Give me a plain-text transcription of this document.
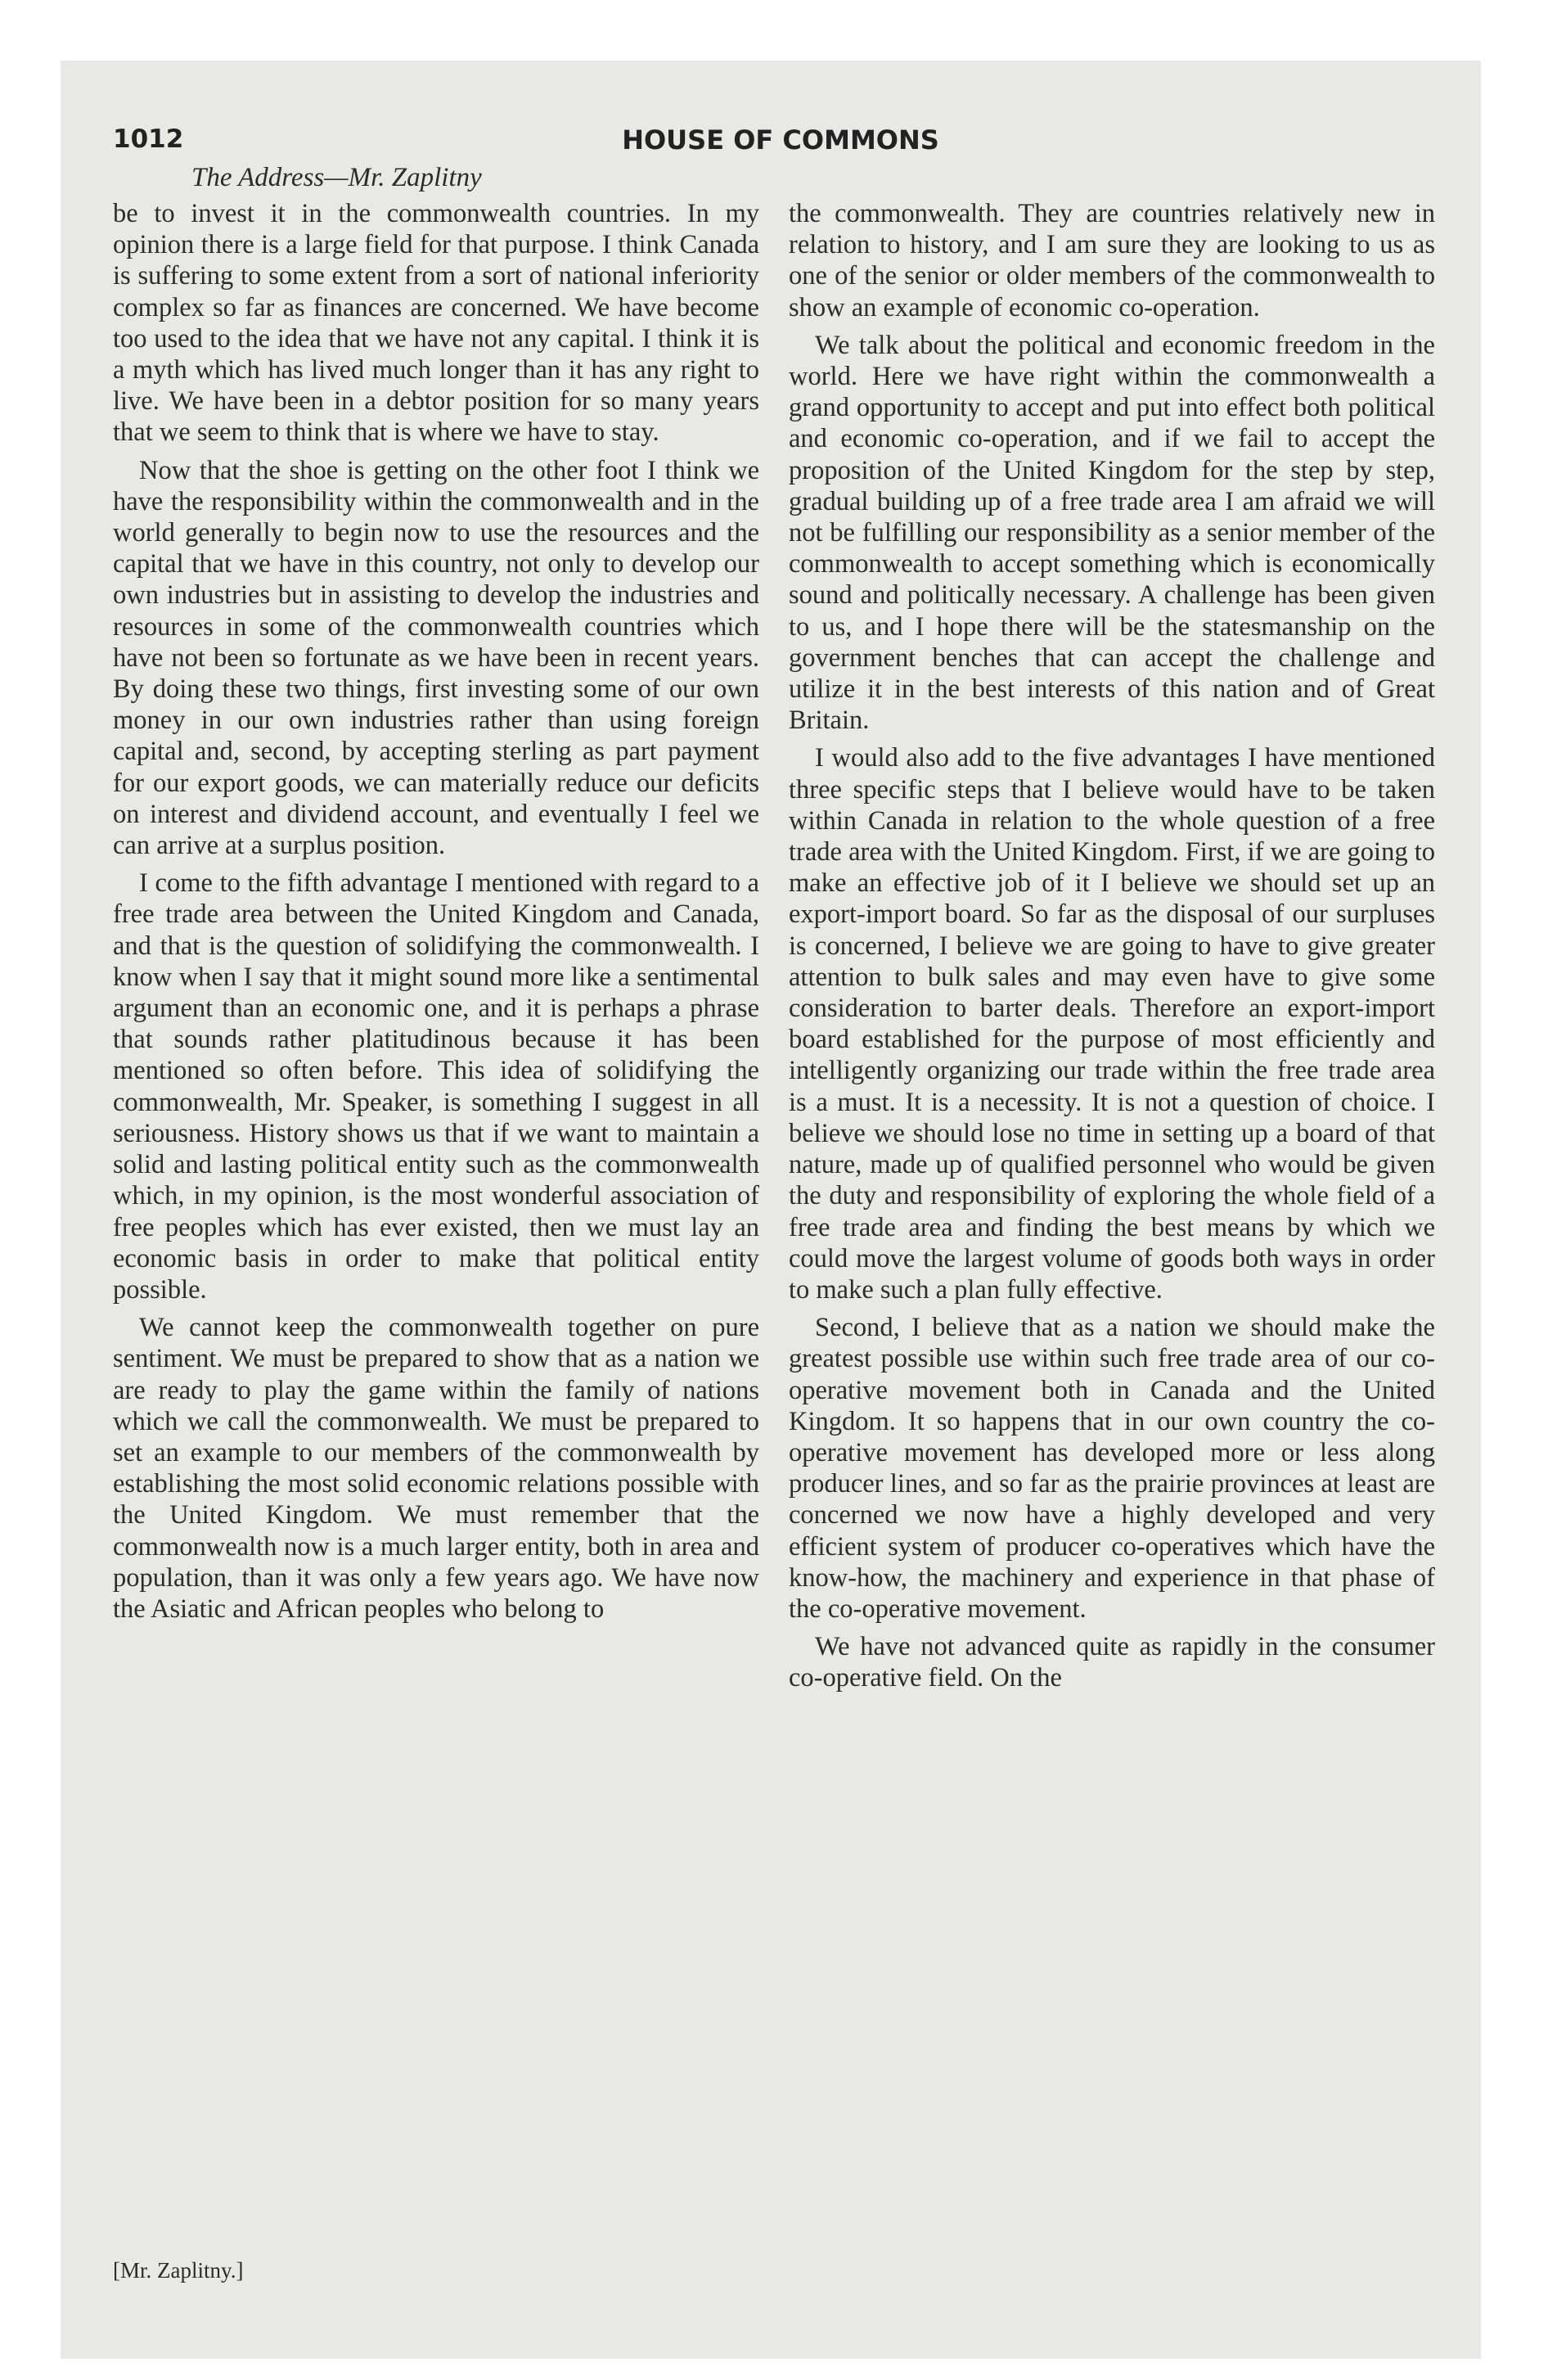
1012	HOUSE OF COMMONS
The Address—Mr. Zaplitny

be to invest it in the commonwealth countries. In my opinion there is a large field for that purpose. I think Canada is suffering to some extent from a sort of national inferiority complex so far as finances are concerned. We have become too used to the idea that we have not any capital. I think it is a myth which has lived much longer than it has any right to live. We have been in a debtor position for so many years that we seem to think that is where we have to stay.

Now that the shoe is getting on the other foot I think we have the responsibility within the commonwealth and in the world generally to begin now to use the resources and the capital that we have in this country, not only to develop our own industries but in assisting to develop the industries and resources in some of the commonwealth countries which have not been so fortunate as we have been in recent years. By doing these two things, first investing some of our own money in our own industries rather than using foreign capital and, second, by accepting sterling as part payment for our export goods, we can materially reduce our deficits on interest and dividend account, and eventually I feel we can arrive at a surplus position.

I come to the fifth advantage I mentioned with regard to a free trade area between the United Kingdom and Canada, and that is the question of solidifying the commonwealth. I know when I say that it might sound more like a sentimental argument than an economic one, and it is perhaps a phrase that sounds rather platitudinous because it has been mentioned so often before. This idea of solidifying the commonwealth, Mr. Speaker, is something I suggest in all seriousness. History shows us that if we want to maintain a solid and lasting political entity such as the commonwealth which, in my opinion, is the most wonderful association of free peoples which has ever existed, then we must lay an economic basis in order to make that political entity possible.

We cannot keep the commonwealth together on pure sentiment. We must be prepared to show that as a nation we are ready to play the game within the family of nations which we call the commonwealth. We must be prepared to set an example to our members of the commonwealth by establishing the most solid economic relations possible with the United Kingdom. We must remember that the commonwealth now is a much larger entity, both in area and population, than it was only a few years ago. We have now the Asiatic and African peoples who belong to

the commonwealth. They are countries relatively new in relation to history, and I am sure they are looking to us as one of the senior or older members of the commonwealth to show an example of economic co-operation.

We talk about the political and economic freedom in the world. Here we have right within the commonwealth a grand opportunity to accept and put into effect both political and economic co-operation, and if we fail to accept the proposition of the United Kingdom for the step by step, gradual building up of a free trade area I am afraid we will not be fulfilling our responsibility as a senior member of the commonwealth to accept something which is economically sound and politically necessary. A challenge has been given to us, and I hope there will be the statesmanship on the government benches that can accept the challenge and utilize it in the best interests of this nation and of Great Britain.

I would also add to the five advantages I have mentioned three specific steps that I believe would have to be taken within Canada in relation to the whole question of a free trade area with the United Kingdom. First, if we are going to make an effective job of it I believe we should set up an export-import board. So far as the disposal of our surpluses is concerned, I believe we are going to have to give greater attention to bulk sales and may even have to give some consideration to barter deals. Therefore an export-import board established for the purpose of most efficiently and intelligently organizing our trade within the free trade area is a must. It is a necessity. It is not a question of choice. I believe we should lose no time in setting up a board of that nature, made up of qualified personnel who would be given the duty and responsibility of exploring the whole field of a free trade area and finding the best means by which we could move the largest volume of goods both ways in order to make such a plan fully effective.

Second, I believe that as a nation we should make the greatest possible use within such free trade area of our co-operative movement both in Canada and the United Kingdom. It so happens that in our own country the co-operative movement has developed more or less along producer lines, and so far as the prairie provinces at least are concerned we now have a highly developed and very efficient system of producer co-operatives which have the know-how, the machinery and experience in that phase of the co-operative movement.

We have not advanced quite as rapidly in the consumer co-operative field. On the

[Mr. Zaplitny.]
